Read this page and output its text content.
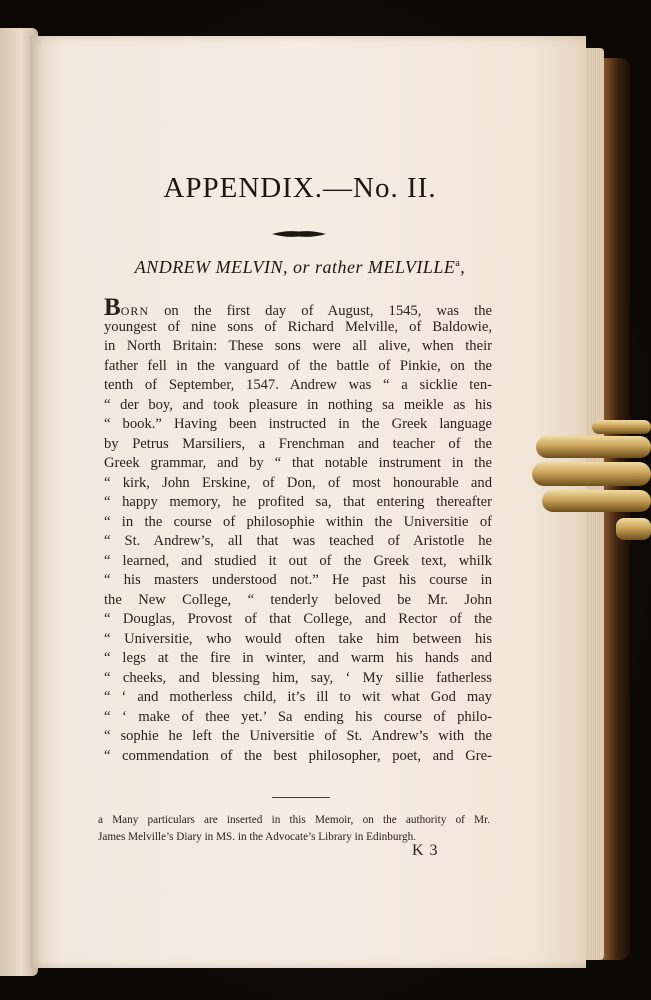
APPENDIX.—No. II.
ANDREW MELVIN, or rather MELVILLE$^a$,
BORN on the first day of August, 1545, was the
youngest of nine sons of Richard Melville, of Baldowie,
in North Britain: These sons were all alive, when their
father fell in the vanguard of the battle of Pinkie, on the
tenth of September, 1547. Andrew was “ a sicklie ten-
“ der boy, and took pleasure in nothing sa meikle as his
“ book.” Having been instructed in the Greek language
by Petrus Marsiliers, a Frenchman and teacher of the
Greek grammar, and by “ that notable instrument in the
“ kirk, John Erskine, of Don, of most honourable and
“ happy memory, he profited sa, that entering thereafter
“ in the course of philosophie within the Universitie of
“ St. Andrew’s, all that was teached of Aristotle he
“ learned, and studied it out of the Greek text, whilk
“ his masters understood not.” He past his course in
the New College, “ tenderly beloved be Mr. John
“ Douglas, Provost of that College, and Rector of the
“ Universitie, who would often take him between his
“ legs at the fire in winter, and warm his hands and
“ cheeks, and blessing him, say, ‘ My sillie fatherless
“ ‘ and motherless child, it’s ill to wit what God may
“ ‘ make of thee yet.’ Sa ending his course of philo-
“ sophie he left the Universitie of St. Andrew’s with the
“ commendation of the best philosopher, poet, and Gre-
a Many particulars are inserted in this Memoir, on the authority of Mr.
James Melville’s Diary in MS. in the Advocate’s Library in Edinburgh.
K 3
